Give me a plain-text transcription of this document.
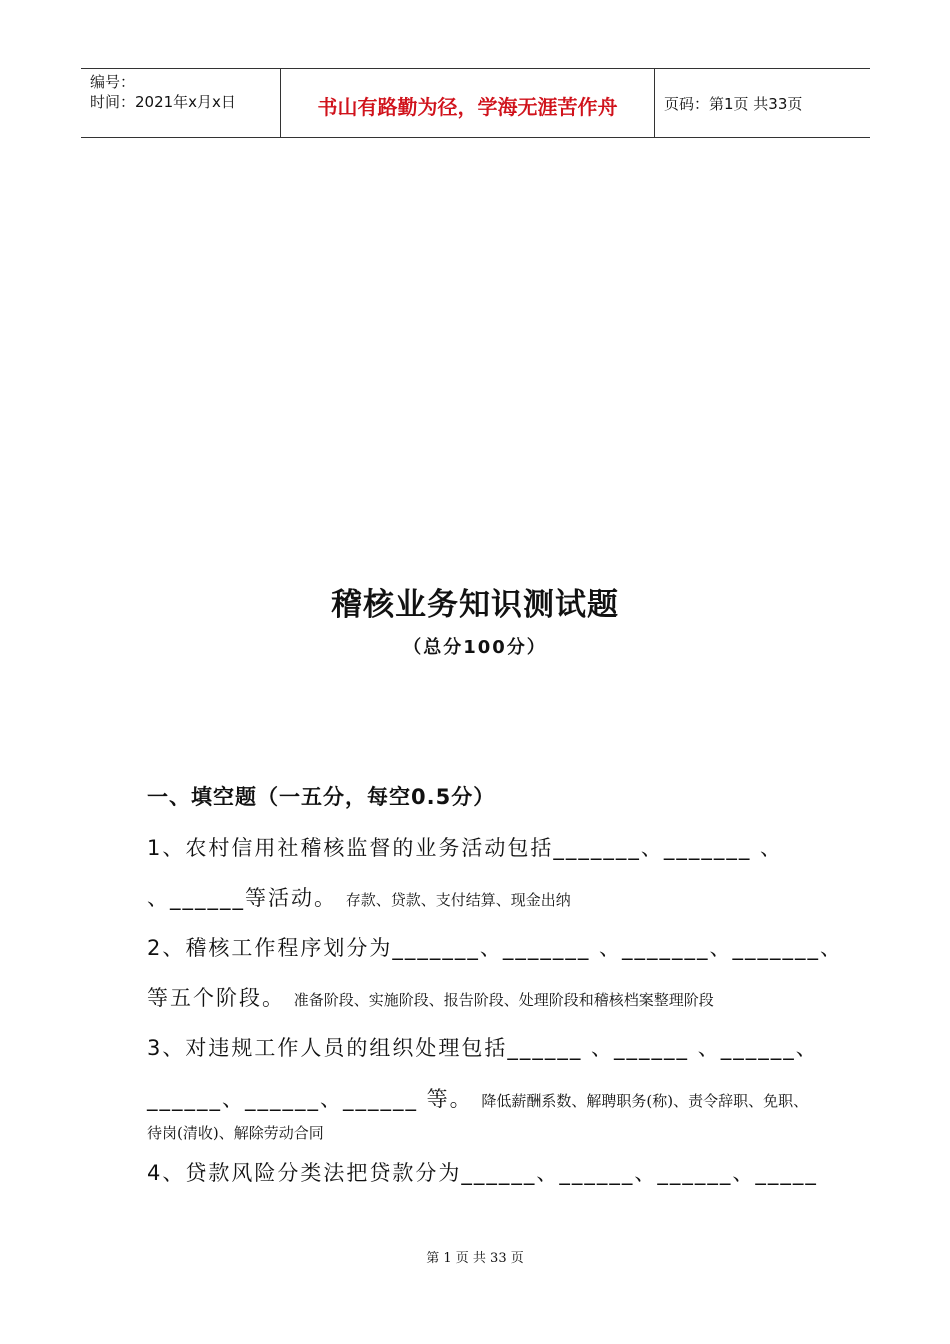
编号：
时间：2021年x月x日	书山有路勤为径，学海无涯苦作舟	页码：第1页 共33页
稽核业务知识测试题
（总分100分）
一、填空题（一五分，每空0.5分）
1、农村信用社稽核监督的业务活动包括_______、_______ 、
、______等活动。 存款、贷款、支付结算、现金出纳
2、稽核工作程序划分为_______、_______ 、_______、_______、
等五个阶段。 准备阶段、实施阶段、报告阶段、处理阶段和稽核档案整理阶段
3、对违规工作人员的组织处理包括______ 、______ 、______、
______、______、______ 等。 降低薪酬系数、解聘职务(称)、责令辞职、免职、
待岗(清收)、解除劳动合同
4、贷款风险分类法把贷款分为______、______、______、_____
第 1 页 共 33 页
